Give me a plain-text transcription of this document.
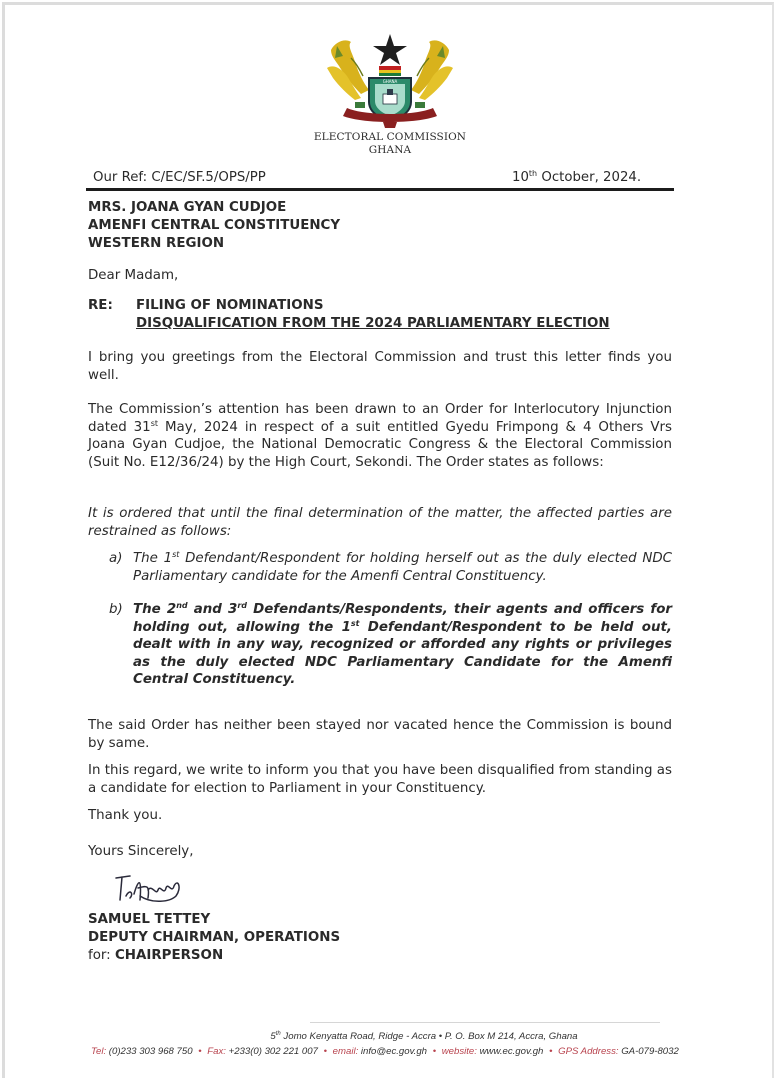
GHANA
ELECTORAL COMMISSION
GHANA
Our Ref: C/EC/SF.5/OPS/PP	10th October, 2024.
MRS. JOANA GYAN CUDJOE
AMENFI CENTRAL CONSTITUENCY
WESTERN REGION
Dear Madam,
RE:	FILING OF NOMINATIONS
DISQUALIFICATION FROM THE 2024 PARLIAMENTARY ELECTION
I bring you greetings from the Electoral Commission and trust this letter finds you well.
The Commission’s attention has been drawn to an Order for Interlocutory Injunction dated 31st May, 2024 in respect of a suit entitled Gyedu Frimpong & 4 Others Vrs Joana Gyan Cudjoe, the National Democratic Congress & the Electoral Commission (Suit No. E12/36/24) by the High Court, Sekondi. The Order states as follows:
It is ordered that until the final determination of the matter, the affected parties are restrained as follows:
a) The 1st Defendant/Respondent for holding herself out as the duly elected NDC Parliamentary candidate for the Amenfi Central Constituency.
b) The 2nd and 3rd Defendants/Respondents, their agents and officers for holding out, allowing the 1st Defendant/Respondent to be held out, dealt with in any way, recognized or afforded any rights or privileges as the duly elected NDC Parliamentary Candidate for the Amenfi Central Constituency.
The said Order has neither been stayed nor vacated hence the Commission is bound by same.
In this regard, we write to inform you that you have been disqualified from standing as a candidate for election to Parliament in your Constituency.
Thank you.
Yours Sincerely,
SAMUEL TETTEY
DEPUTY CHAIRMAN, OPERATIONS
for: CHAIRPERSON
5th Jomo Kenyatta Road, Ridge - Accra • P. O. Box M 214, Accra, Ghana
Tel: (0)233 303 968 750 • Fax: +233(0) 302 221 007 • email: info@ec.gov.gh • website: www.ec.gov.gh • GPS Address: GA-079-8032
